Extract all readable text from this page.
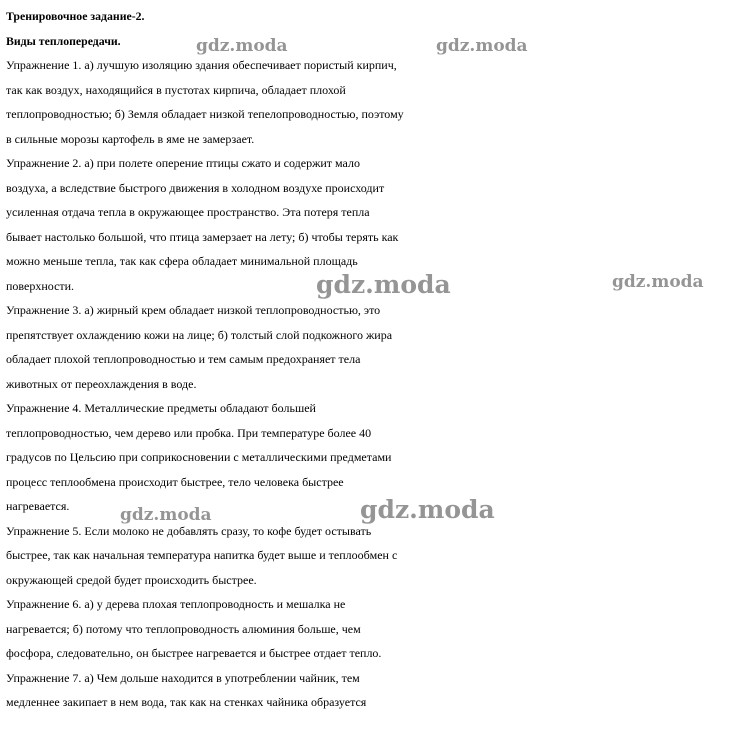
Тренировочное задание-2.

Виды теплопередачи.

Упражнение 1. а) лучшую изоляцию здания обеспечивает пористый кирпич,

так как воздух, находящийся в пустотах кирпича, обладает плохой

теплопроводностью; б) Земля обладает низкой тепелопроводностью, поэтому

в сильные морозы картофель в яме не замерзает.

Упражнение 2. а) при полете оперение птицы сжато и содержит мало

воздуха, а вследствие быстрого движения в холодном воздухе происходит

усиленная отдача тепла в окружающее пространство. Эта потеря тепла

бывает настолько большой, что птица замерзает на лету; б) чтобы терять как

можно меньше тепла, так как сфера обладает минимальной площадь

поверхности.

Упражнение 3. а) жирный крем обладает низкой теплопроводностью, это

препятствует охлаждению кожи на лице; б) толстый слой подкожного жира

обладает плохой теплопроводностью и тем самым предохраняет тела

животных от переохлаждения в воде.

Упражнение 4. Металлические предметы обладают большей

теплопроводностью, чем дерево или пробка. При температуре более 40

градусов по Цельсию при соприкосновении с металлическими предметами

процесс теплообмена происходит быстрее, тело человека быстрее

нагревается.

Упражнение 5. Если молоко не добавлять сразу, то кофе будет остывать

быстрее, так как начальная температура напитка будет выше и теплообмен с

окружающей средой будет происходить быстрее.

Упражнение 6. а) у дерева плохая теплопроводность и мешалка не

нагревается; б) потому что теплопроводность алюминия больше, чем

фосфора, следовательно, он быстрее нагревается и быстрее отдает тепло.

Упражнение 7. а) Чем дольше находится в употреблении чайник, тем

медленнее закипает в нем вода, так как на стенках чайника образуется

gdz.moda	gdz.moda
gdz.moda
gdz.moda
gdz.moda	gdz.moda
